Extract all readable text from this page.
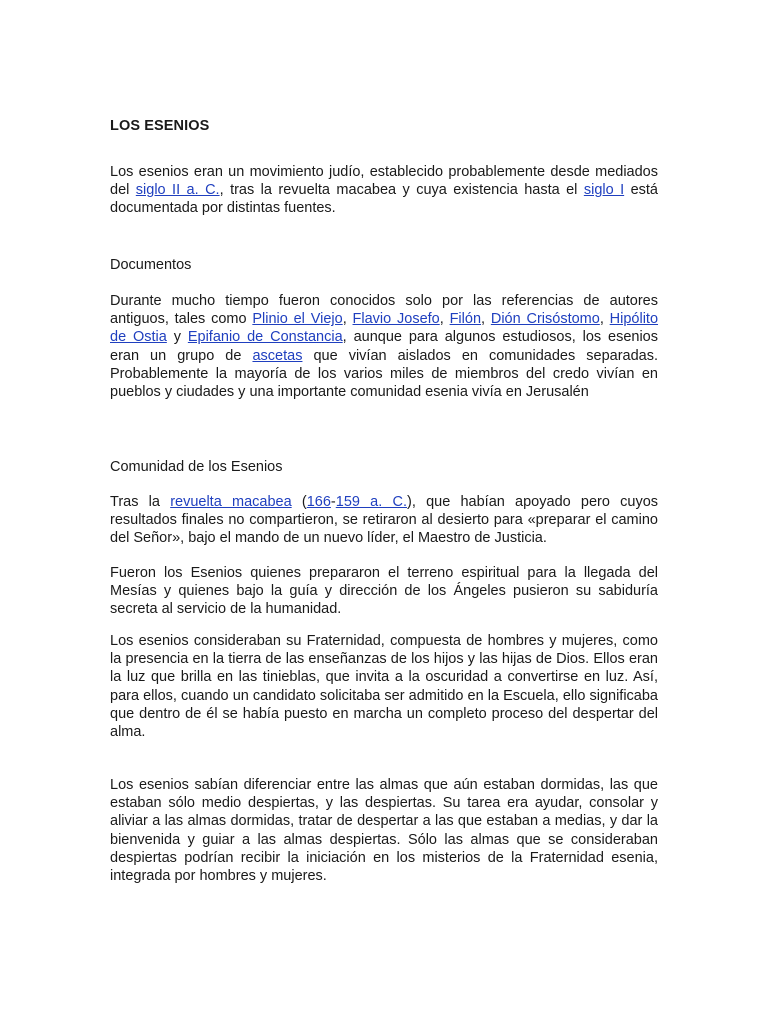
LOS ESENIOS

Los esenios eran un movimiento judío, establecido probablemente desde mediados del siglo II a. C., tras la revuelta macabea y cuya existencia hasta el siglo I está documentada por distintas fuentes.

Documentos

Durante mucho tiempo fueron conocidos solo por las referencias de autores antiguos, tales como Plinio el Viejo, Flavio Josefo, Filón, Dión Crisóstomo, Hipólito de Ostia y Epifanio de Constancia, aunque para algunos estudiosos, los esenios eran un grupo de ascetas que vivían aislados en comunidades separadas. Probablemente la mayoría de los varios miles de miembros del credo vivían en pueblos y ciudades y una importante comunidad esenia vivía en Jerusalén

Comunidad de los Esenios

Tras la revuelta macabea (166-159 a. C.), que habían apoyado pero cuyos resultados finales no compartieron, se retiraron al desierto para «preparar el camino del Señor», bajo el mando de un nuevo líder, el Maestro de Justicia.

Fueron los Esenios quienes prepararon el terreno espiritual para la llegada del Mesías y quienes bajo la guía y dirección de los Ángeles pusieron su sabiduría secreta al servicio de la humanidad.

Los esenios consideraban su Fraternidad, compuesta de hombres y mujeres, como la presencia en la tierra de las enseñanzas de los hijos y las hijas de Dios. Ellos eran la luz que brilla en las tinieblas, que invita a la oscuridad a convertirse en luz. Así, para ellos, cuando un candidato solicitaba ser admitido en la Escuela, ello significaba que dentro de él se había puesto en marcha un completo proceso del despertar del alma.

Los esenios sabían diferenciar entre las almas que aún estaban dormidas, las que estaban sólo medio despiertas, y las despiertas. Su tarea era ayudar, consolar y aliviar a las almas dormidas, tratar de despertar a las que estaban a medias, y dar la bienvenida y guiar a las almas despiertas. Sólo las almas que se consideraban despiertas podrían recibir la iniciación en los misterios de la Fraternidad esenia, integrada por hombres y mujeres.
